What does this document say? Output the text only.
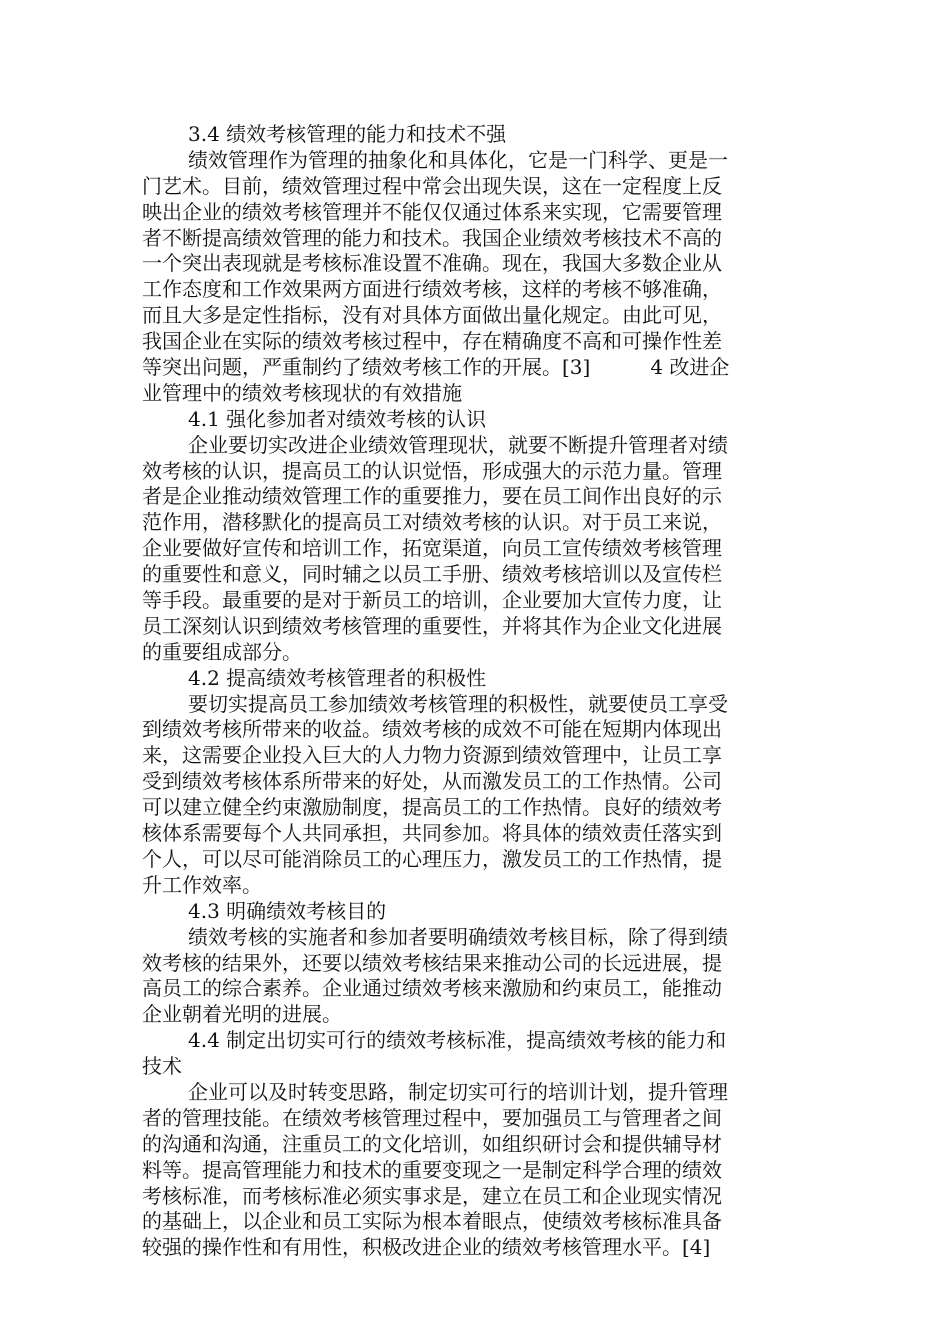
3.4 绩效考核管理的能力和技术不强
绩效管理作为管理的抽象化和具体化，它是一门科学、更是一
门艺术。目前，绩效管理过程中常会出现失误，这在一定程度上反
映出企业的绩效考核管理并不能仅仅通过体系来实现，它需要管理
者不断提高绩效管理的能力和技术。我国企业绩效考核技术不高的
一个突出表现就是考核标准设置不准确。现在，我国大多数企业从
工作态度和工作效果两方面进行绩效考核，这样的考核不够准确，
而且大多是定性指标，没有对具体方面做出量化规定。由此可见，
我国企业在实际的绩效考核过程中，存在精确度不高和可操作性差
等突出问题，严重制约了绩效考核工作的开展。[3]	4 改进企
业管理中的绩效考核现状的有效措施
4.1 强化参加者对绩效考核的认识
企业要切实改进企业绩效管理现状，就要不断提升管理者对绩
效考核的认识，提高员工的认识觉悟，形成强大的示范力量。管理
者是企业推动绩效管理工作的重要推力，要在员工间作出良好的示
范作用，潜移默化的提高员工对绩效考核的认识。对于员工来说，
企业要做好宣传和培训工作，拓宽渠道，向员工宣传绩效考核管理
的重要性和意义，同时辅之以员工手册、绩效考核培训以及宣传栏
等手段。最重要的是对于新员工的培训，企业要加大宣传力度，让
员工深刻认识到绩效考核管理的重要性，并将其作为企业文化进展
的重要组成部分。
4.2 提高绩效考核管理者的积极性
要切实提高员工参加绩效考核管理的积极性，就要使员工享受
到绩效考核所带来的收益。绩效考核的成效不可能在短期内体现出
来，这需要企业投入巨大的人力物力资源到绩效管理中，让员工享
受到绩效考核体系所带来的好处，从而激发员工的工作热情。公司
可以建立健全约束激励制度，提高员工的工作热情。良好的绩效考
核体系需要每个人共同承担，共同参加。将具体的绩效责任落实到
个人，可以尽可能消除员工的心理压力，激发员工的工作热情，提
升工作效率。
4.3 明确绩效考核目的
绩效考核的实施者和参加者要明确绩效考核目标，除了得到绩
效考核的结果外，还要以绩效考核结果来推动公司的长远进展，提
高员工的综合素养。企业通过绩效考核来激励和约束员工，能推动
企业朝着光明的进展。
4.4 制定出切实可行的绩效考核标准，提高绩效考核的能力和
技术
企业可以及时转变思路，制定切实可行的培训计划，提升管理
者的管理技能。在绩效考核管理过程中，要加强员工与管理者之间
的沟通和沟通，注重员工的文化培训，如组织研讨会和提供辅导材
料等。提高管理能力和技术的重要变现之一是制定科学合理的绩效
考核标准，而考核标准必须实事求是，建立在员工和企业现实情况
的基础上，以企业和员工实际为根本着眼点，使绩效考核标准具备
较强的操作性和有用性，积极改进企业的绩效考核管理水平。[4]
